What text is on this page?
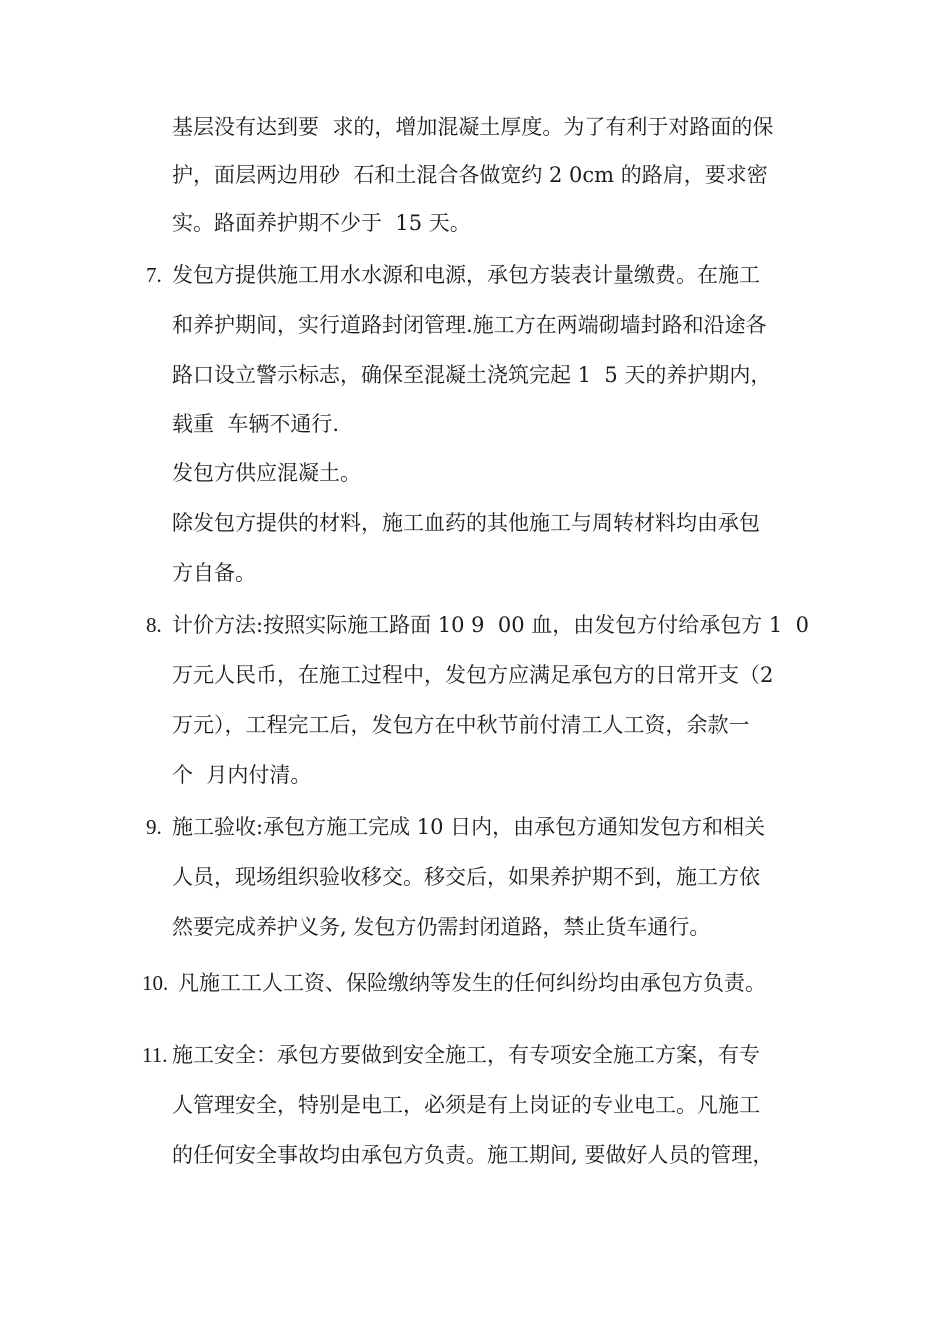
基层没有达到要  求的，增加混凝土厚度。为了有利于对路面的保
护，面层两边用砂  石和土混合各做宽约 2 0cm 的路肩，要求密
实。路面养护期不少于  15 天。
7. 发包方提供施工用水水源和电源，承包方装表计量缴费。在施工
和养护期间，实行道路封闭管理.施工方在两端砌墙封路和沿途各
路口设立警示标志，确保至混凝土浇筑完起 1  5 天的养护期内，
载重  车辆不通行.
发包方供应混凝土。
除发包方提供的材料，施工血药的其他施工与周转材料均由承包
方自备。
8. 计价方法:按照实际施工路面 10 9  00 血，由发包方付给承包方 1  0
万元人民币，在施工过程中，发包方应满足承包方的日常开支（2
万元），工程完工后，发包方在中秋节前付清工人工资，余款一
个  月内付清。
9. 施工验收:承包方施工完成 10 日内，由承包方通知发包方和相关
人员，现场组织验收移交。移交后，如果养护期不到，施工方依
然要完成养护义务, 发包方仍需封闭道路，禁止货车通行。
10. 凡施工工人工资、保险缴纳等发生的任何纠纷均由承包方负责。
11. 施工安全：承包方要做到安全施工，有专项安全施工方案，有专
人管理安全，特别是电工，必须是有上岗证的专业电工。凡施工
的任何安全事故均由承包方负责。施工期间, 要做好人员的管理，
